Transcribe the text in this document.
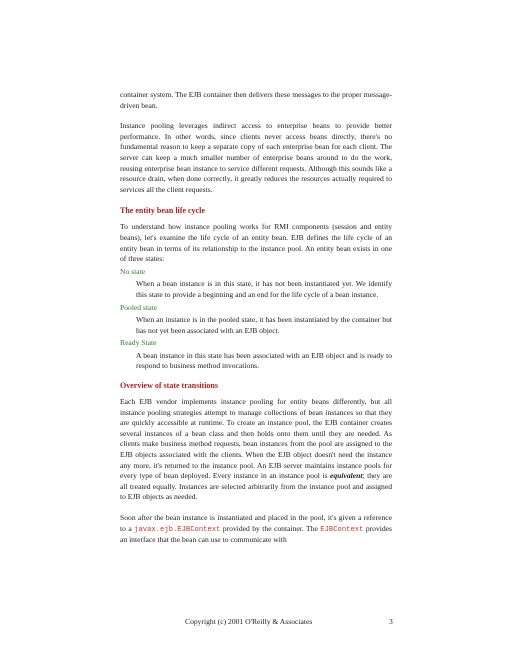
container system. The EJB container then delivers these messages to the proper message-driven bean.

Instance pooling leverages indirect access to enterprise beans to provide better performance. In other words, since clients never access beans directly, there's no fundamental reason to keep a separate copy of each enterprise bean for each client. The server can keep a much smaller number of enterprise beans around to do the work, reusing enterprise bean instance to service different requests. Although this sounds like a resource drain, when done correctly, it greatly reduces the resources actually required to services all the client requests.

The entity bean life cycle

To understand how instance pooling works for RMI components (session and entity beans), let's examine the life cycle of an entity bean. EJB defines the life cycle of an entity bean in terms of its relationship to the instance pool. An entity bean exists in one of three states:

No state
When a bean instance is in this state, it has not been instantiated yet. We identify this state to provide a beginning and an end for the life cycle of a bean instance.
Pooled state
When an instance is in the pooled state, it has been instantiated by the container but has not yet been associated with an EJB object.
Ready State
A bean instance in this state has been associated with an EJB object and is ready to respond to business method invocations.
Overview of state transitions

Each EJB vendor implements instance pooling for entity beans differently, but all instance pooling strategies attempt to manage collections of bean instances so that they are quickly accessible at runtime. To create an instance pool, the EJB container creates several instances of a bean class and then holds onto them until they are needed. As clients make business method requests, bean instances from the pool are assigned to the EJB objects associated with the clients. When the EJB object doesn't need the instance any more, it's returned to the instance pool. An EJB server maintains instance pools for every type of bean deployed. Every instance in an instance pool is equivalent; they are all treated equally. Instances are selected arbitrarily from the instance pool and assigned to EJB objects as needed.

Soon after the bean instance is instantiated and placed in the pool, it's given a reference to a javax.ejb.EJBContext provided by the container. The EJBContext provides an interface that the bean can use to communicate with

Copyright (c) 2001 O'Reilly & Associates	3
